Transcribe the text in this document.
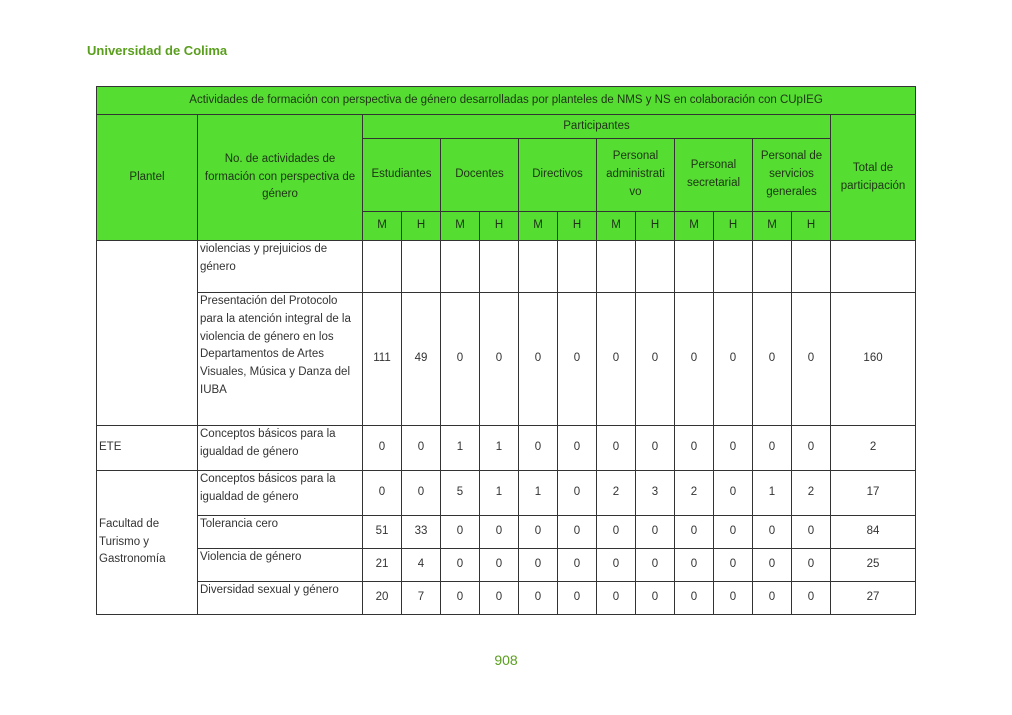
Universidad de Colima
Actividades de formación con perspectiva de género desarrolladas por planteles de NMS y NS en colaboración con CUpIEG														
Plantel	No. de actividades de formación con perspectiva de género	Participantes												Total de participación
		Estudiantes		Docentes		Directivos		Personal administrati vo		Personal secretarial		Personal de servicios generales		
		M	H	M	H	M	H	M	H	M	H	M	H	
	violencias y prejuicios de género													
	Presentación del Protocolo para la atención integral de la violencia de género en los Departamentos de Artes Visuales, Música y Danza del IUBA	111	49	0	0	0	0	0	0	0	0	0	0	160
ETE	Conceptos básicos para la igualdad de género	0	0	1	1	0	0	0	0	0	0	0	0	2
Facultad de Turismo y Gastronomía	Conceptos básicos para la igualdad de género	0	0	5	1	1	0	2	3	2	0	1	2	17
	Tolerancia cero	51	33	0	0	0	0	0	0	0	0	0	0	84
	Violencia de género	21	4	0	0	0	0	0	0	0	0	0	0	25
	Diversidad sexual y género	20	7	0	0	0	0	0	0	0	0	0	0	27
908
